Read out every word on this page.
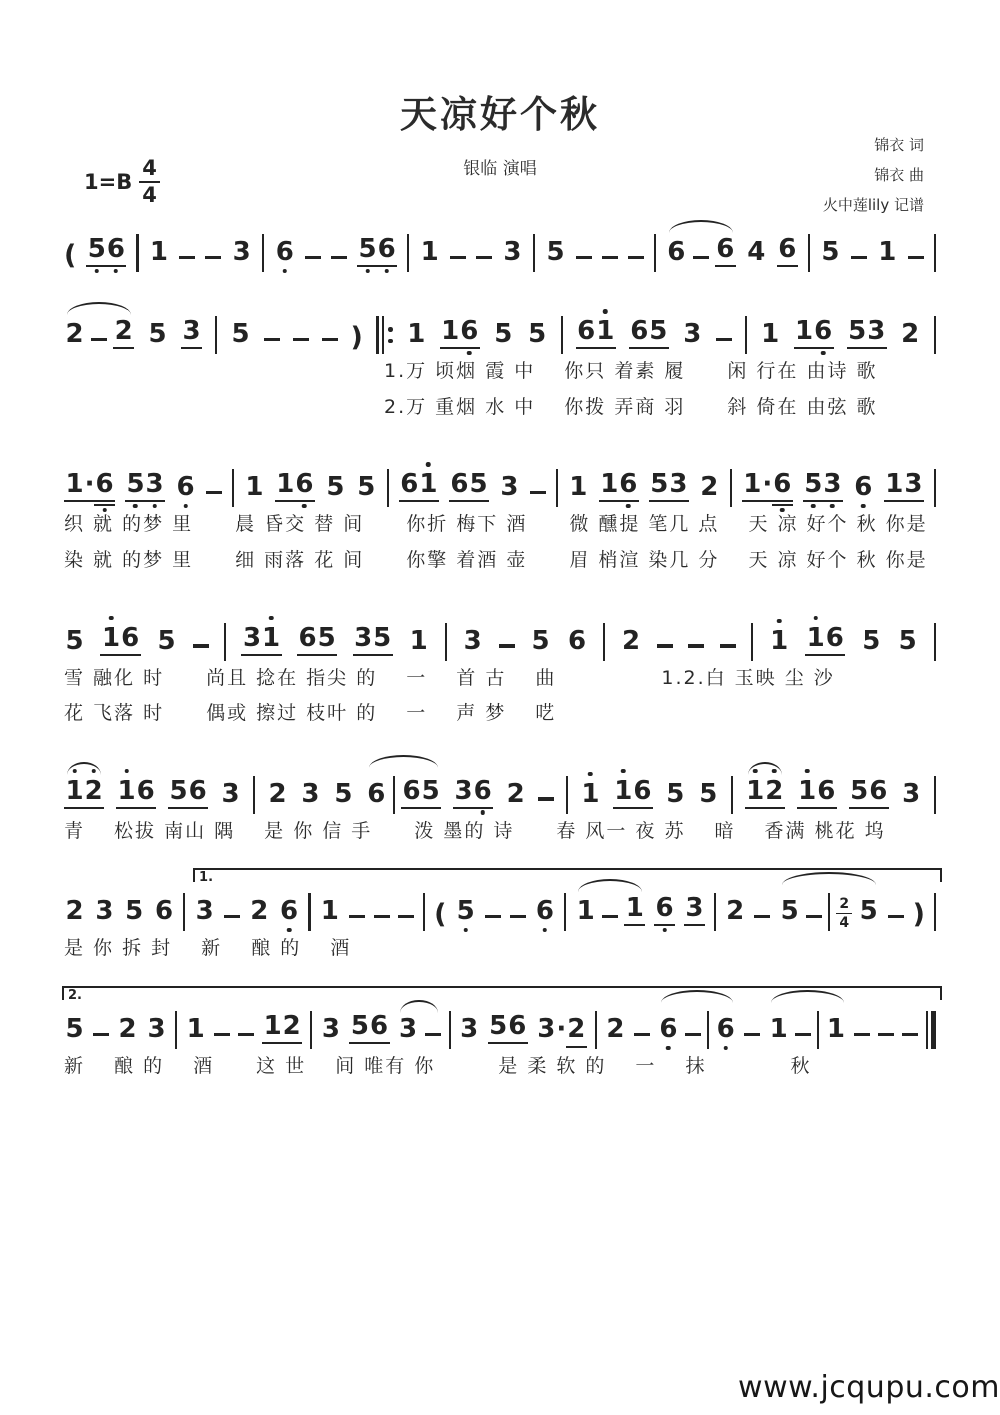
天凉好个秋
银临 演唱
$1=B \frac{4}{4}$
锦衣 词
锦衣 曲
火中莲lily 记谱
( 5 6 1 3 6 5 6 1 3 5	6 6 4 6 5 1
2 2 5 3 5	) 1 1 6 5 5 6 1 6 5 3 1 1 6 5 3 2
1.万 顷烟 霞 中　 你只 着素 履　　闲 行在 由诗 歌
2.万 重烟 水 中　 你拨 弄商 羽　　斜 倚在 由弦 歌
1 · 6 5 3 6 1 1 6 5 5 6 1 6 5 3 1 1 6 5 3 2 1 · 6 5 3 6 1 3
织 就 的梦 里　　晨 昏交 替 间　　你折 梅下 酒　　微 醺提 笔几 点　 天 凉 好个 秋 你是
染 就 的梦 里　　细 雨落 花 间　　你擎 着酒 壶　　眉 梢渲 染几 分　 天 凉 好个 秋 你是
5 1 6 5	3 1 6 5 3 5 1 3 5 6 2	1 1 6 5 5
雪 融化 时　　尚且 捻在 指尖 的　 一　 首 古　 曲　　　　　1.2.白 玉映 尘 沙
花 飞落 时　　偶或 擦过 枝叶 的　 一　 声 梦　 呓
1 2 1 6 5 6 3 2 3 5 6 6 5 3 6 2 1 1 6 5 5 1 2 1 6 5 6 3
青　 松拔 南山 隅　 是 你 信 手　　泼 墨的 诗　　春 风一 夜 苏　 暗　 香满 桃花 坞
1.
2 3 5 6 3 2 6 1	( 5 6 1 1 6 3 2 5	$\frac{2}{4} 5$ )
是 你 拆 封　 新　 酿 的　 酒
2.
5 2 3 1 1 2 3 5 6 3 3 5 6 3 · 2 2 6 6 1 1
新　 酿 的　 酒　　这 世　 间 唯有 你　　　是 柔 软 的　 一　 抹　　　　秋
www.jcqupu.com
